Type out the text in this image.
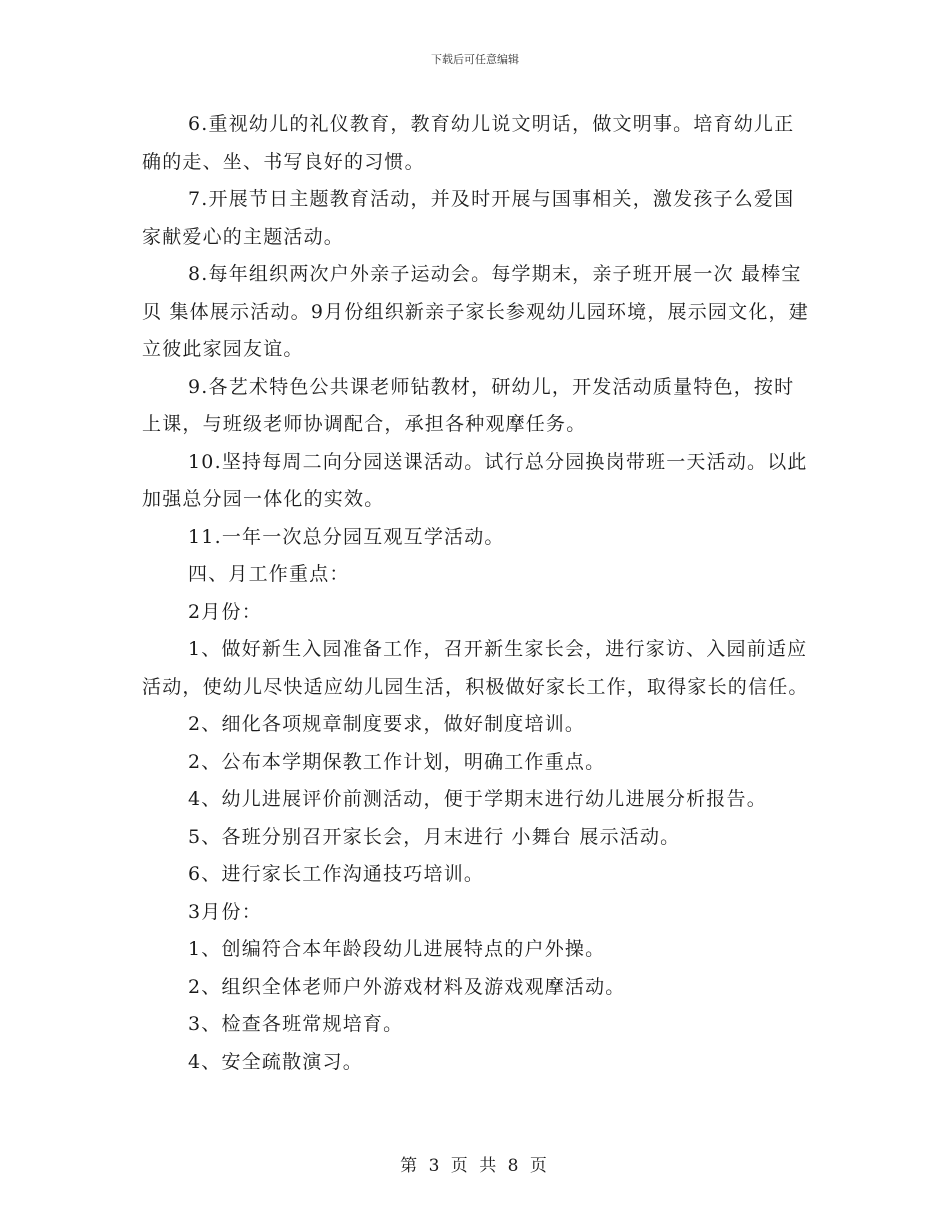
下载后可任意编辑

6.重视幼儿的礼仪教育，教育幼儿说文明话，做文明事。培育幼儿正确的走、坐、书写良好的习惯。

7.开展节日主题教育活动，并及时开展与国事相关，激发孩子么爱国家献爱心的主题活动。

8.每年组织两次户外亲子运动会。每学期末，亲子班开展一次 最棒宝贝 集体展示活动。9月份组织新亲子家长参观幼儿园环境，展示园文化，建立彼此家园友谊。

9.各艺术特色公共课老师钻教材，研幼儿，开发活动质量特色，按时上课，与班级老师协调配合，承担各种观摩任务。

10.坚持每周二向分园送课活动。试行总分园换岗带班一天活动。以此加强总分园一体化的实效。

11.一年一次总分园互观互学活动。

四、月工作重点：

2月份：

1、做好新生入园准备工作，召开新生家长会，进行家访、入园前适应活动，使幼儿尽快适应幼儿园生活，积极做好家长工作，取得家长的信任。

2、细化各项规章制度要求，做好制度培训。

2、公布本学期保教工作计划，明确工作重点。

4、幼儿进展评价前测活动，便于学期末进行幼儿进展分析报告。

5、各班分别召开家长会，月末进行 小舞台 展示活动。

6、进行家长工作沟通技巧培训。

3月份：

1、创编符合本年龄段幼儿进展特点的户外操。

2、组织全体老师户外游戏材料及游戏观摩活动。

3、检查各班常规培育。

4、安全疏散演习。

第 3 页 共 8 页
